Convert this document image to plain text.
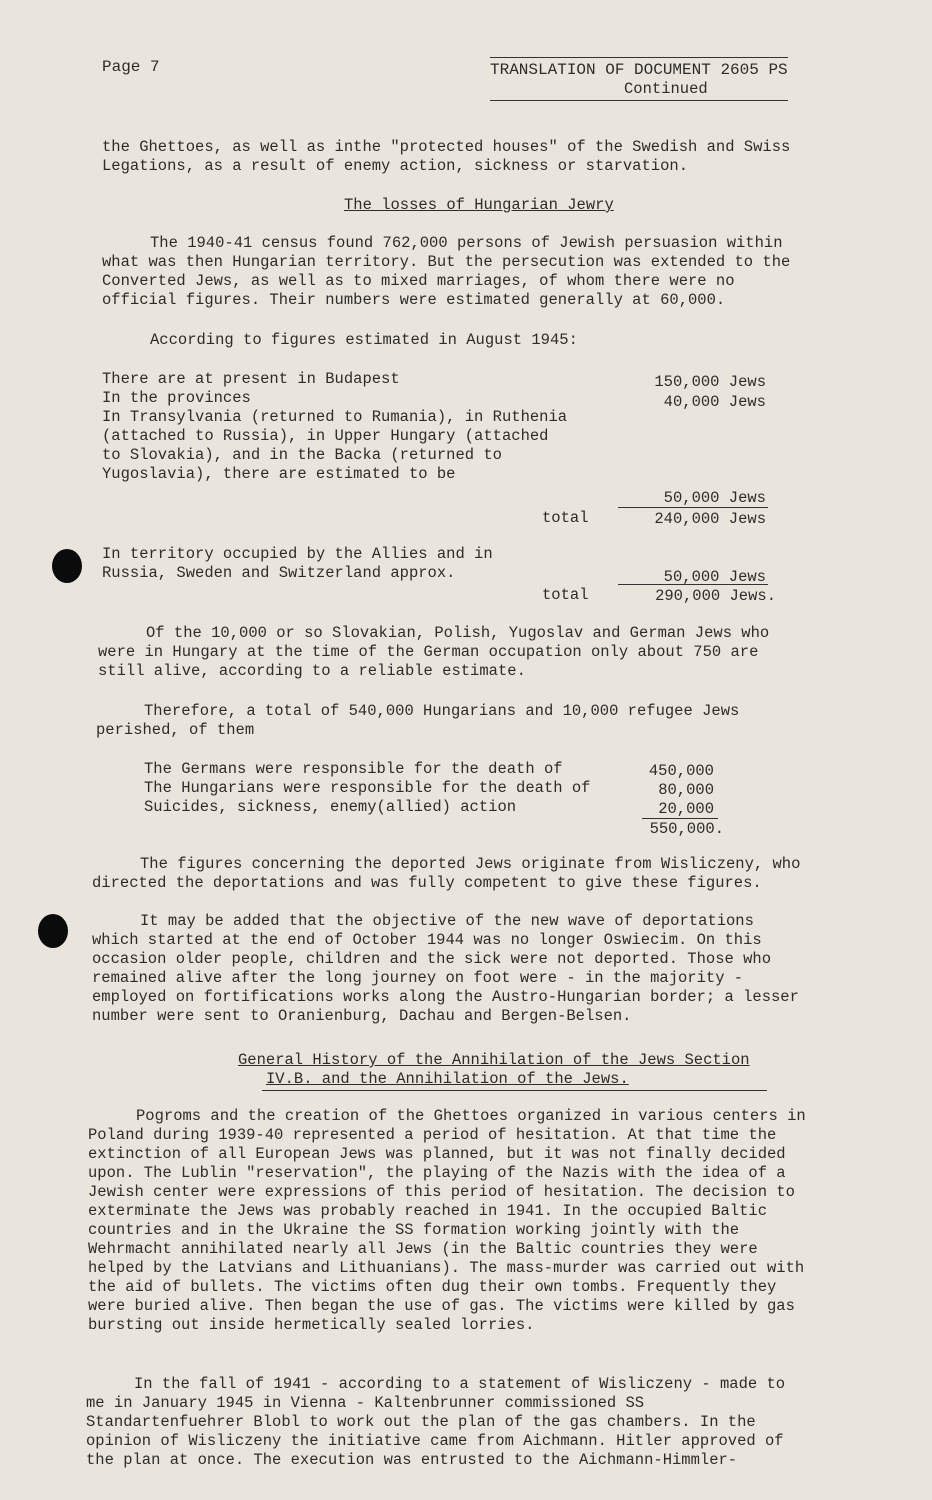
Page 7	TRANSLATION OF DOCUMENT 2605 PS
Continued
the Ghettoes, as well as inthe "protected houses" of the Swedish and Swiss Legations, as a result of enemy action, sickness or starvation.
The losses of Hungarian Jewry
The 1940-41 census found 762,000 persons of Jewish persuasion within what was then Hungarian territory. But the persecution was extended to the Converted Jews, as well as to mixed marriages, of whom there were no official figures. Their numbers were estimated generally at 60,000.
According to figures estimated in August 1945:
There are at present in Budapest	150,000 Jews
In the provinces	40,000 Jews
In Transylvania (returned to Rumania), in Ruthenia (attached to Russia), in Upper Hungary (attached to Slovakia), and in the Backa (returned to Yugoslavia), there are estimated to be
50,000 Jews
total	240,000 Jews
In territory occupied by the Allies and in Russia, Sweden and Switzerland approx.	50,000 Jews
total	290,000 Jews.
Of the 10,000 or so Slovakian, Polish, Yugoslav and German Jews who were in Hungary at the time of the German occupation only about 750 are still alive, according to a reliable estimate.
Therefore, a total of 540,000 Hungarians and 10,000 refugee Jews perished, of them
The Germans were responsible for the death of	450,000
The Hungarians were responsible for the death of	80,000
Suicides, sickness, enemy(allied) action	20,000
550,000.
The figures concerning the deported Jews originate from Wisliczeny, who directed the deportations and was fully competent to give these figures.
It may be added that the objective of the new wave of deportations which started at the end of October 1944 was no longer Oswiecim. On this occasion older people, children and the sick were not deported. Those who remained alive after the long journey on foot were - in the majority - employed on fortifications works along the Austro-Hungarian border; a lesser number were sent to Oranienburg, Dachau and Bergen-Belsen.
General History of the Annihilation of the Jews Section
IV.B. and the Annihilation of the Jews.
Pogroms and the creation of the Ghettoes organized in various centers in Poland during 1939-40 represented a period of hesitation. At that time the extinction of all European Jews was planned, but it was not finally decided upon. The Lublin "reservation", the playing of the Nazis with the idea of a Jewish center were expressions of this period of hesitation. The decision to exterminate the Jews was probably reached in 1941. In the occupied Baltic countries and in the Ukraine the SS formation working jointly with the Wehrmacht annihilated nearly all Jews (in the Baltic countries they were helped by the Latvians and Lithuanians). The mass-murder was carried out with the aid of bullets. The victims often dug their own tombs. Frequently they were buried alive. Then began the use of gas. The victims were killed by gas bursting out inside hermetically sealed lorries.
In the fall of 1941 - according to a statement of Wisliczeny - made to me in January 1945 in Vienna - Kaltenbrunner commissioned SS Standartenfuehrer Blobl to work out the plan of the gas chambers. In the opinion of Wisliczeny the initiative came from Aichmann. Hitler approved of the plan at once. The execution was entrusted to the Aichmann-Himmler-
